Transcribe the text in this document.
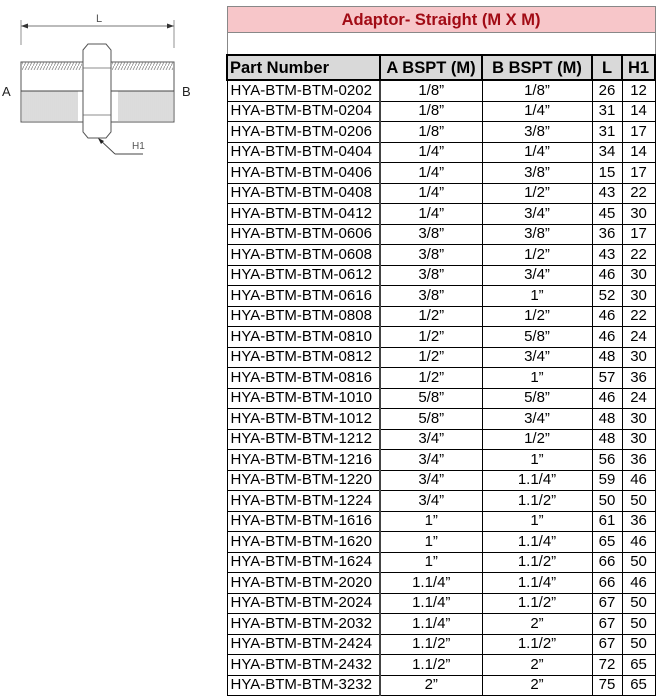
L
H1
A	B
Adaptor- Straight (M X M)				

Part Number	A BSPT (M)	B BSPT (M)	L	H1
HYA-BTM-BTM-0202	1/8”	1/8”	26	12
HYA-BTM-BTM-0204	1/8”	1/4”	31	14
HYA-BTM-BTM-0206	1/8”	3/8”	31	17
HYA-BTM-BTM-0404	1/4”	1/4”	34	14
HYA-BTM-BTM-0406	1/4”	3/8”	15	17
HYA-BTM-BTM-0408	1/4”	1/2”	43	22
HYA-BTM-BTM-0412	1/4”	3/4”	45	30
HYA-BTM-BTM-0606	3/8”	3/8”	36	17
HYA-BTM-BTM-0608	3/8”	1/2”	43	22
HYA-BTM-BTM-0612	3/8”	3/4”	46	30
HYA-BTM-BTM-0616	3/8”	1”	52	30
HYA-BTM-BTM-0808	1/2”	1/2”	46	22
HYA-BTM-BTM-0810	1/2”	5/8”	46	24
HYA-BTM-BTM-0812	1/2”	3/4”	48	30
HYA-BTM-BTM-0816	1/2”	1”	57	36
HYA-BTM-BTM-1010	5/8”	5/8”	46	24
HYA-BTM-BTM-1012	5/8”	3/4”	48	30
HYA-BTM-BTM-1212	3/4”	1/2”	48	30
HYA-BTM-BTM-1216	3/4”	1”	56	36
HYA-BTM-BTM-1220	3/4”	1.1/4”	59	46
HYA-BTM-BTM-1224	3/4”	1.1/2”	50	50
HYA-BTM-BTM-1616	1”	1”	61	36
HYA-BTM-BTM-1620	1”	1.1/4”	65	46
HYA-BTM-BTM-1624	1”	1.1/2”	66	50
HYA-BTM-BTM-2020	1.1/4”	1.1/4”	66	46
HYA-BTM-BTM-2024	1.1/4”	1.1/2”	67	50
HYA-BTM-BTM-2032	1.1/4”	2”	67	50
HYA-BTM-BTM-2424	1.1/2”	1.1/2”	67	50
HYA-BTM-BTM-2432	1.1/2”	2”	72	65
HYA-BTM-BTM-3232	2”	2”	75	65
